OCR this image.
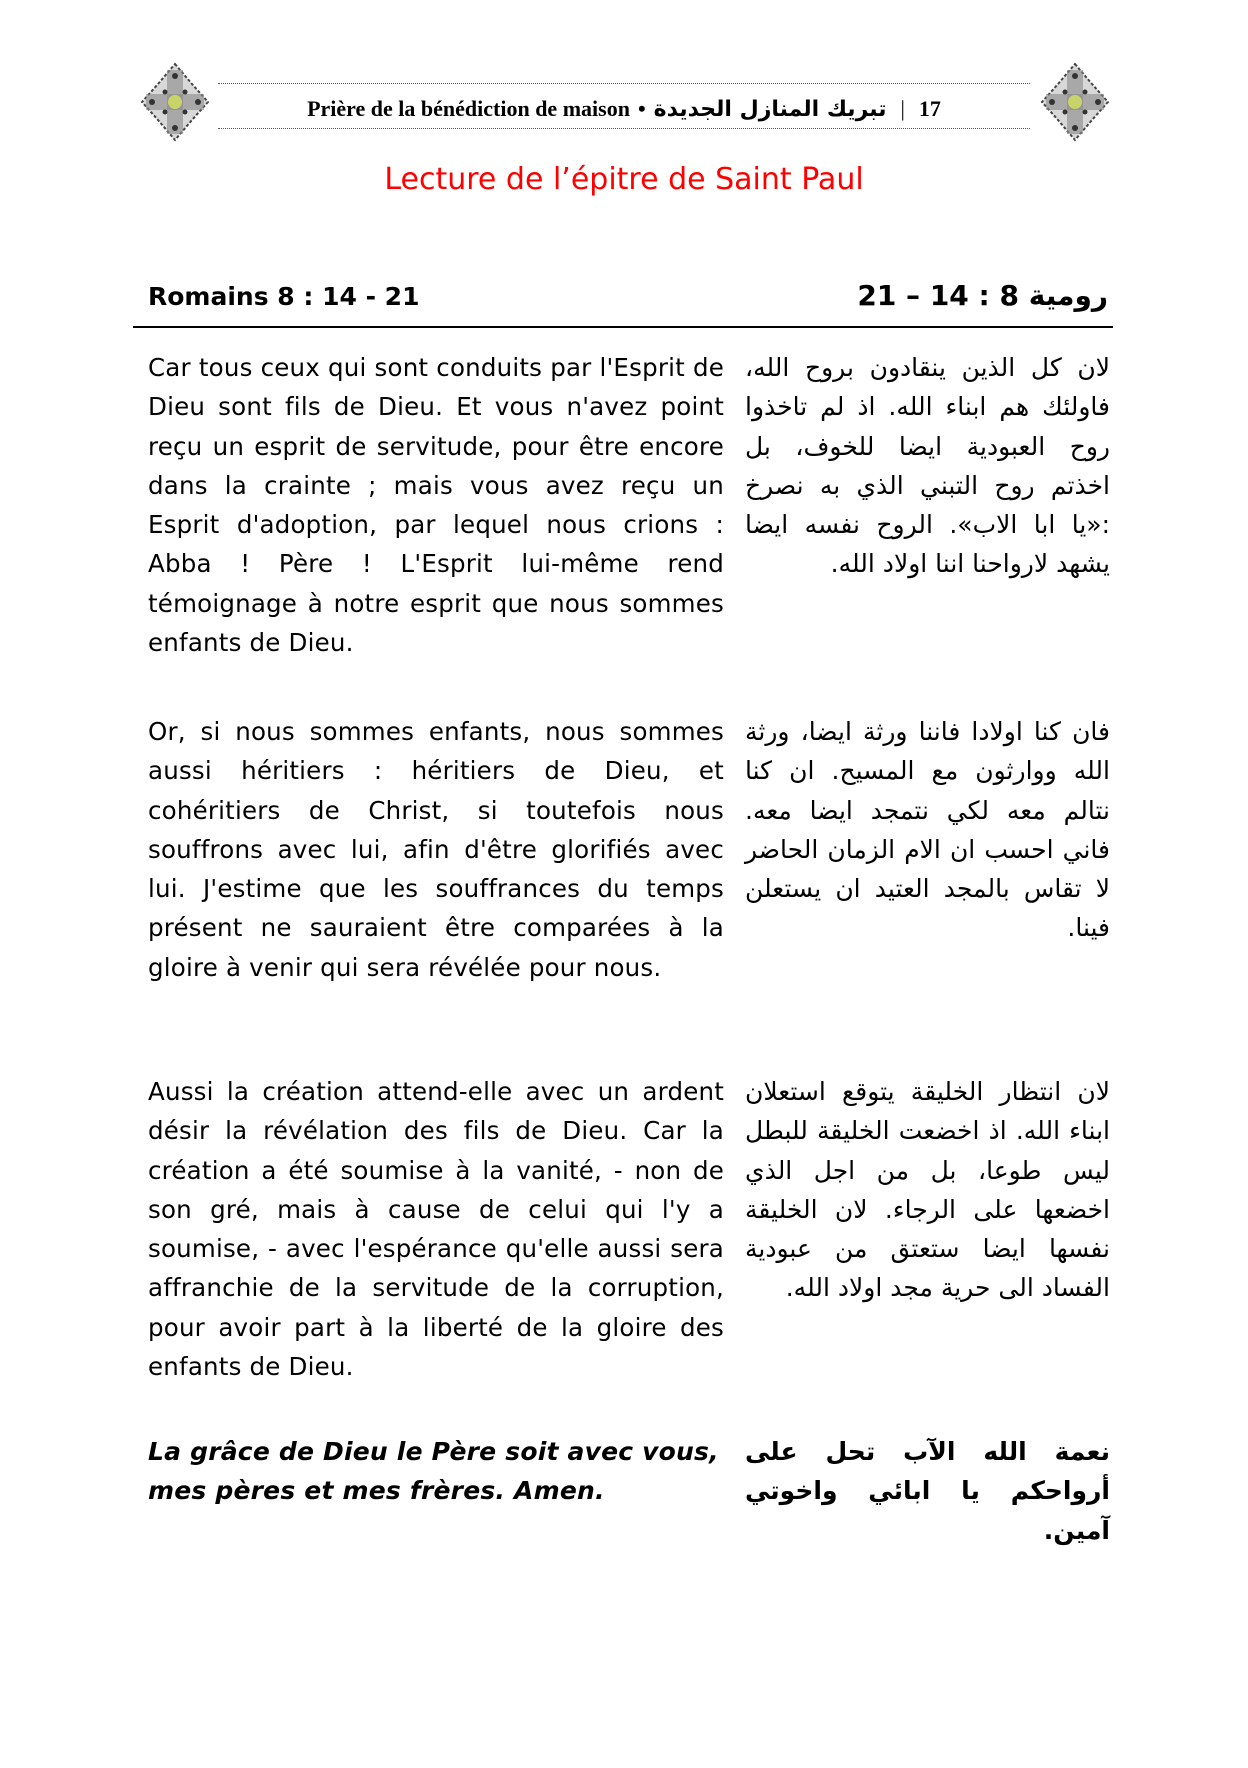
Prière de la bénédiction de maison • تبريك المنازل الجديدة | 17
Lecture de l’épitre de Saint Paul
Romains 8 : 14 - 21	رومية 8 : 14 – 21
Car tous ceux qui sont conduits par l'Esprit de Dieu sont fils de Dieu. Et vous n'avez point reçu un esprit de servitude, pour être encore dans la crainte ; mais vous avez reçu un Esprit d'adoption, par lequel nous crions : Abba ! Père ! L'Esprit lui-même rend témoignage à notre esprit que nous sommes enfants de Dieu.
لان كل الذين ينقادون بروح الله، فاولئك هم ابناء الله. اذ لم تاخذوا روح العبودية ايضا للخوف، بل اخذتم روح التبني الذي به نصرخ :«يا ابا الاب». الروح نفسه ايضا يشهد لارواحنا اننا اولاد الله.
Or, si nous sommes enfants, nous sommes aussi héritiers : héritiers de Dieu, et cohéritiers de Christ, si toutefois nous souffrons avec lui, afin d'être glorifiés avec lui. J'estime que les souffrances du temps présent ne sauraient être comparées à la gloire à venir qui sera révélée pour nous.
فان كنا اولادا فاننا ورثة ايضا، ورثة الله ووارثون مع المسيح. ان كنا نتالم معه لكي نتمجد ايضا معه. فاني احسب ان الام الزمان الحاضر لا تقاس بالمجد العتيد ان يستعلن فينا.
Aussi la création attend-elle avec un ardent désir la révélation des fils de Dieu. Car la création a été soumise à la vanité, - non de son gré, mais à cause de celui qui l'y a soumise, - avec l'espérance qu'elle aussi sera affranchie de la servitude de la corruption, pour avoir part à la liberté de la gloire des enfants de Dieu.
لان انتظار الخليقة يتوقع استعلان ابناء الله. اذ اخضعت الخليقة للبطل ليس طوعا، بل من اجل الذي اخضعها على الرجاء. لان الخليقة نفسها ايضا ستعتق من عبودية الفساد الى حرية مجد اولاد الله.
La grâce de Dieu le Père soit avec vous, mes pères et mes frères. Amen.
نعمة الله الآب تحل على أرواحكم يا ابائي واخوتي آمين.
